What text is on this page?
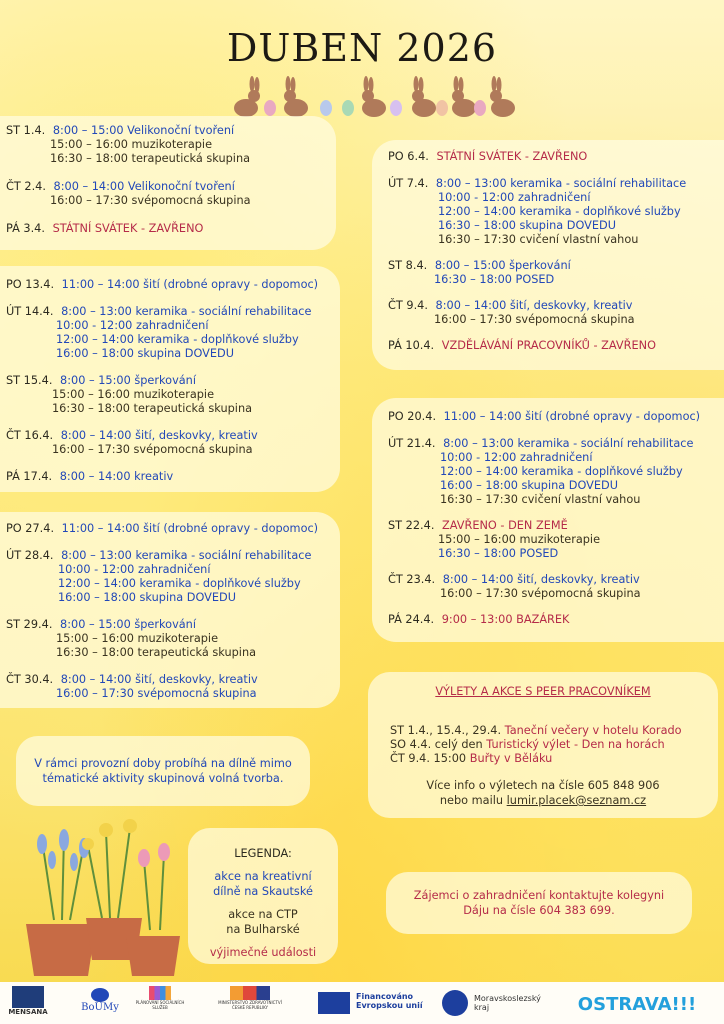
DUBEN 2026
ST 1.4. 8:00 – 15:00 Velikonoční tvoření
15:00 – 16:00 muzikoterapie
16:30 – 18:00 terapeutická skupina
ČT 2.4. 8:00 – 14:00 Velikonoční tvoření
16:00 – 17:30 svépomocná skupina
PÁ 3.4. STÁTNÍ SVÁTEK - ZAVŘENO
PO 6.4. STÁTNÍ SVÁTEK - ZAVŘENO
ÚT 7.4. 8:00 – 13:00 keramika - sociální rehabilitace
10:00 - 12:00 zahradničení
12:00 – 14:00 keramika - doplňkové služby
16:30 – 18:00 skupina DOVEDU
16:30 – 17:30 cvičení vlastní vahou
ST 8.4. 8:00 – 15:00 šperkování
16:30 – 18:00 POSED
ČT 9.4. 8:00 – 14:00 šití, deskovky, kreativ
16:00 – 17:30 svépomocná skupina
PÁ 10.4. VZDĚLÁVÁNÍ PRACOVNÍKŮ - ZAVŘENO
PO 13.4. 11:00 – 14:00 šití (drobné opravy - dopomoc)
ÚT 14.4. 8:00 – 13:00 keramika - sociální rehabilitace
10:00 - 12:00 zahradničení
12:00 – 14:00 keramika - doplňkové služby
16:00 – 18:00 skupina DOVEDU
ST 15.4. 8:00 – 15:00 šperkování
15:00 – 16:00 muzikoterapie
16:30 – 18:00 terapeutická skupina
ČT 16.4. 8:00 – 14:00 šití, deskovky, kreativ
16:00 – 17:30 svépomocná skupina
PÁ 17.4. 8:00 – 14:00 kreativ
PO 20.4. 11:00 – 14:00 šití (drobné opravy - dopomoc)
ÚT 21.4. 8:00 – 13:00 keramika - sociální rehabilitace
10:00 - 12:00 zahradničení
12:00 – 14:00 keramika - doplňkové služby
16:00 – 18:00 skupina DOVEDU
16:30 – 17:30 cvičení vlastní vahou
ST 22.4. ZAVŘENO - DEN ZEMĚ
15:00 – 16:00 muzikoterapie
16:30 – 18:00 POSED
ČT 23.4. 8:00 – 14:00 šití, deskovky, kreativ
16:00 – 17:30 svépomocná skupina
PÁ 24.4. 9:00 – 13:00 BAZÁREK
PO 27.4. 11:00 – 14:00 šití (drobné opravy - dopomoc)
ÚT 28.4. 8:00 – 13:00 keramika - sociální rehabilitace
10:00 - 12:00 zahradničení
12:00 – 14:00 keramika - doplňkové služby
16:00 – 18:00 skupina DOVEDU
ST 29.4. 8:00 – 15:00 šperkování
15:00 – 16:00 muzikoterapie
16:30 – 18:00 terapeutická skupina
ČT 30.4. 8:00 – 14:00 šití, deskovky, kreativ
16:00 – 17:30 svépomocná skupina	VÝLETY A AKCE S PEER PRACOVNÍKEM
ST 1.4., 15.4., 29.4. Taneční večery v hotelu Korado
SO 4.4. celý den Turistický výlet - Den na horách
ČT 9.4. 15:00 Buřty v Běláku
Více info o výletech na čísle 605 848 906
nebo mailu lumir.placek@seznam.cz
V rámci provozní doby probíhá na dílně mimo
tématické aktivity skupinová volná tvorba.
LEGENDA:
akce na kreativní
dílně na Skautské
akce na CTP
na Bulharské
výjimečné události
Zájemci o zahradničení kontaktujte kolegyni
Dáju na čísle 604 383 699.
MENSANA	BoUMy	PLÁNOVÁNÍ SOCIÁLNÍCH SLUŽEB
MINISTERSTVO ZDRAVOTNICTVÍ ČESKÉ REPUBLIKY
Financováno
Evropskou unií
Moravskoslezský
kraj	OSTRAVA!!!
